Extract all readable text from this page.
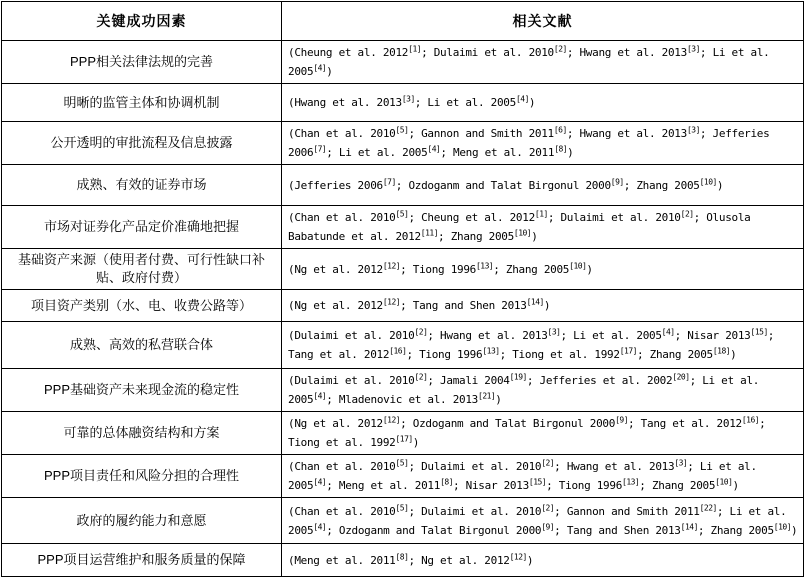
关键成功因素	相关文献
PPP相关法律法规的完善	(Cheung et al. 2012[1]; Dulaimi et al. 2010[2]; Hwang et al. 2013[3]; Li et al. 2005[4])
明晰的监管主体和协调机制	(Hwang et al. 2013[3]; Li et al. 2005[4])
公开透明的审批流程及信息披露	(Chan et al. 2010[5]; Gannon and Smith 2011[6]; Hwang et al. 2013[3]; Jefferies 2006[7]; Li et al. 2005[4]; Meng et al. 2011[8])
成熟、有效的证券市场	(Jefferies 2006[7]; Ozdoganm and Talat Birgonul 2000[9]; Zhang 2005[10])
市场对证券化产品定价准确地把握	(Chan et al. 2010[5]; Cheung et al. 2012[1]; Dulaimi et al. 2010[2]; Olusola Babatunde et al. 2012[11]; Zhang 2005[10])
基础资产来源（使用者付费、可行性缺口补贴、政府付费）	(Ng et al. 2012[12]; Tiong 1996[13]; Zhang 2005[10])
项目资产类别（水、电、收费公路等）	(Ng et al. 2012[12]; Tang and Shen 2013[14])
成熟、高效的私营联合体	(Dulaimi et al. 2010[2]; Hwang et al. 2013[3]; Li et al. 2005[4]; Nisar 2013[15]; Tang et al. 2012[16]; Tiong 1996[13]; Tiong et al. 1992[17]; Zhang 2005[18])
PPP基础资产未来现金流的稳定性	(Dulaimi et al. 2010[2]; Jamali 2004[19]; Jefferies et al. 2002[20]; Li et al. 2005[4]; Mladenovic et al. 2013[21])
可靠的总体融资结构和方案	(Ng et al. 2012[12]; Ozdoganm and Talat Birgonul 2000[9]; Tang et al. 2012[16]; Tiong et al. 1992[17])
PPP项目责任和风险分担的合理性	(Chan et al. 2010[5]; Dulaimi et al. 2010[2]; Hwang et al. 2013[3]; Li et al. 2005[4]; Meng et al. 2011[8]; Nisar 2013[15]; Tiong 1996[13]; Zhang 2005[10])
政府的履约能力和意愿	(Chan et al. 2010[5]; Dulaimi et al. 2010[2]; Gannon and Smith 2011[22]; Li et al. 2005[4]; Ozdoganm and Talat Birgonul 2000[9]; Tang and Shen 2013[14]; Zhang 2005[10])
PPP项目运营维护和服务质量的保障	(Meng et al. 2011[8]; Ng et al. 2012[12])
